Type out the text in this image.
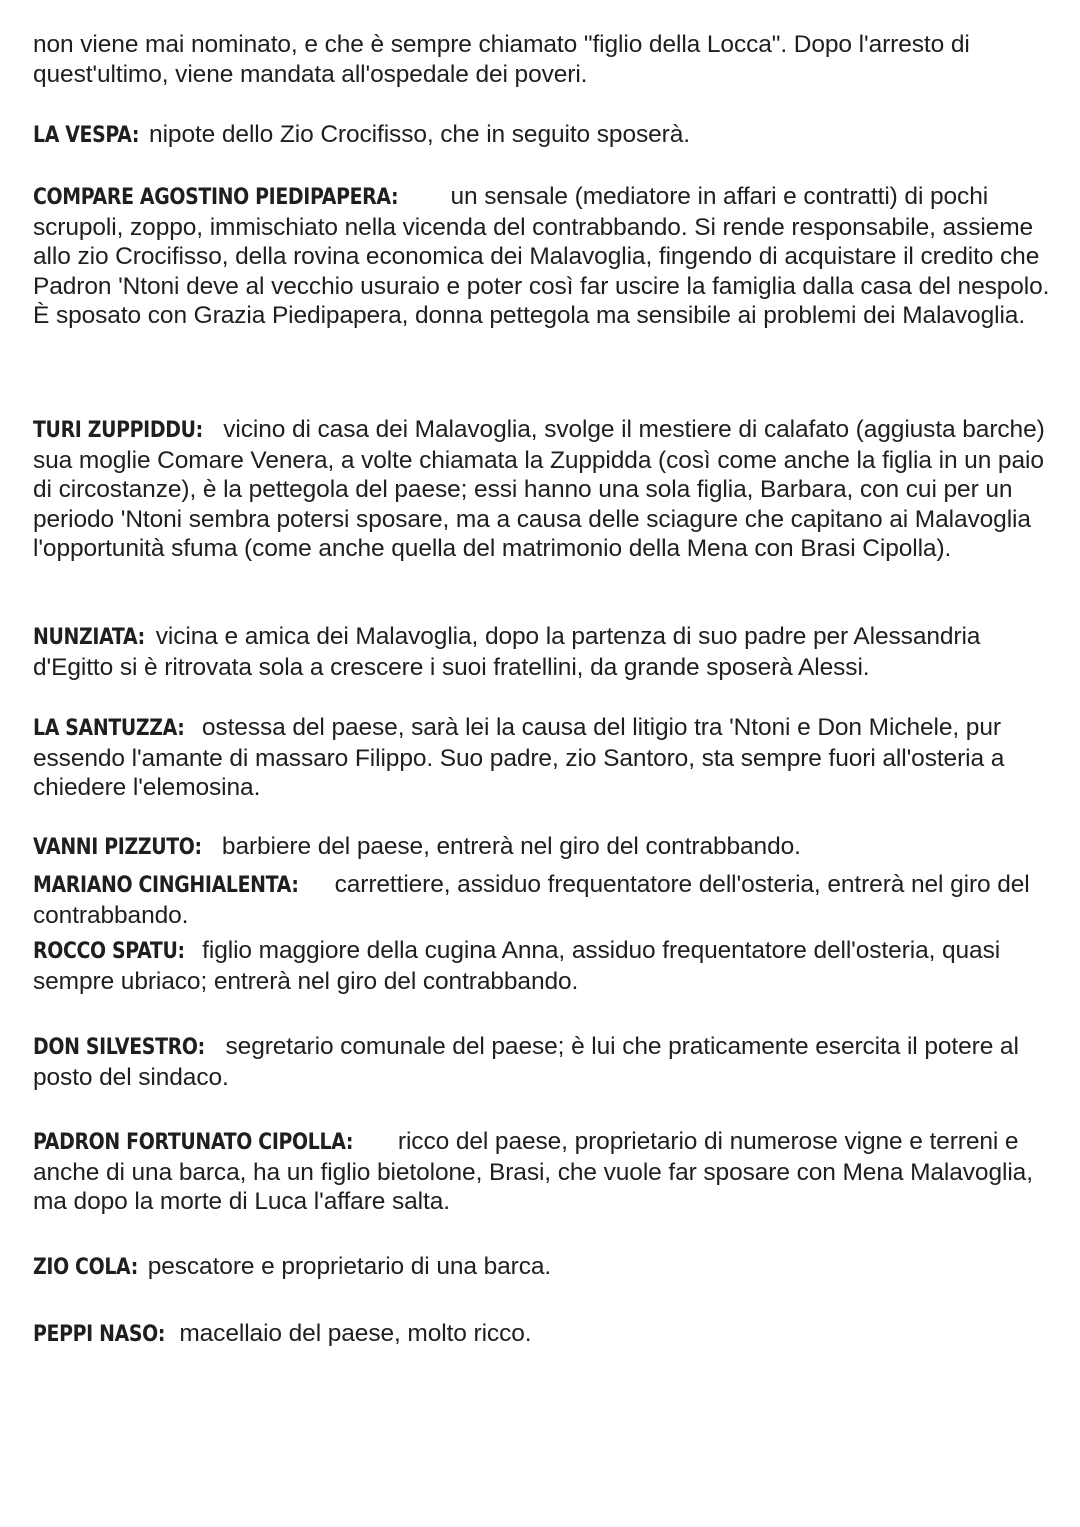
non viene mai nominato, e che è sempre chiamato "figlio della Locca". Dopo l'arresto di quest'ultimo, viene mandata all'ospedale dei poveri.

LA VESPA: nipote dello Zio Crocifisso, che in seguito sposerà.

COMPARE AGOSTINO PIEDIPAPERA: un sensale (mediatore in affari e contratti) di pochi scrupoli, zoppo, immischiato nella vicenda del contrabbando. Si rende responsabile, assieme allo zio Crocifisso, della rovina economica dei Malavoglia, fingendo di acquistare il credito che Padron 'Ntoni deve al vecchio usuraio e poter così far uscire la famiglia dalla casa del nespolo. È sposato con Grazia Piedipapera, donna pettegola ma sensibile ai problemi dei Malavoglia.

TURI ZUPPIDDU: vicino di casa dei Malavoglia, svolge il mestiere di calafato (aggiusta barche) sua moglie Comare Venera, a volte chiamata la Zuppidda (così come anche la figlia in un paio di circostanze), è la pettegola del paese; essi hanno una sola figlia, Barbara, con cui per un periodo 'Ntoni sembra potersi sposare, ma a causa delle sciagure che capitano ai Malavoglia l'opportunità sfuma (come anche quella del matrimonio della Mena con Brasi Cipolla).

NUNZIATA: vicina e amica dei Malavoglia, dopo la partenza di suo padre per Alessandria d'Egitto si è ritrovata sola a crescere i suoi fratellini, da grande sposerà Alessi.

LA SANTUZZA: ostessa del paese, sarà lei la causa del litigio tra 'Ntoni e Don Michele, pur essendo l'amante di massaro Filippo. Suo padre, zio Santoro, sta sempre fuori all'osteria a chiedere l'elemosina.

VANNI PIZZUTO: barbiere del paese, entrerà nel giro del contrabbando.

MARIANO CINGHIALENTA: carrettiere, assiduo frequentatore dell'osteria, entrerà nel giro del contrabbando.

ROCCO SPATU: figlio maggiore della cugina Anna, assiduo frequentatore dell'osteria, quasi sempre ubriaco; entrerà nel giro del contrabbando.

DON SILVESTRO: segretario comunale del paese; è lui che praticamente esercita il potere al posto del sindaco.

PADRON FORTUNATO CIPOLLA: ricco del paese, proprietario di numerose vigne e terreni e anche di una barca, ha un figlio bietolone, Brasi, che vuole far sposare con Mena Malavoglia, ma dopo la morte di Luca l'affare salta.

ZIO COLA: pescatore e proprietario di una barca.

PEPPI NASO: macellaio del paese, molto ricco.
